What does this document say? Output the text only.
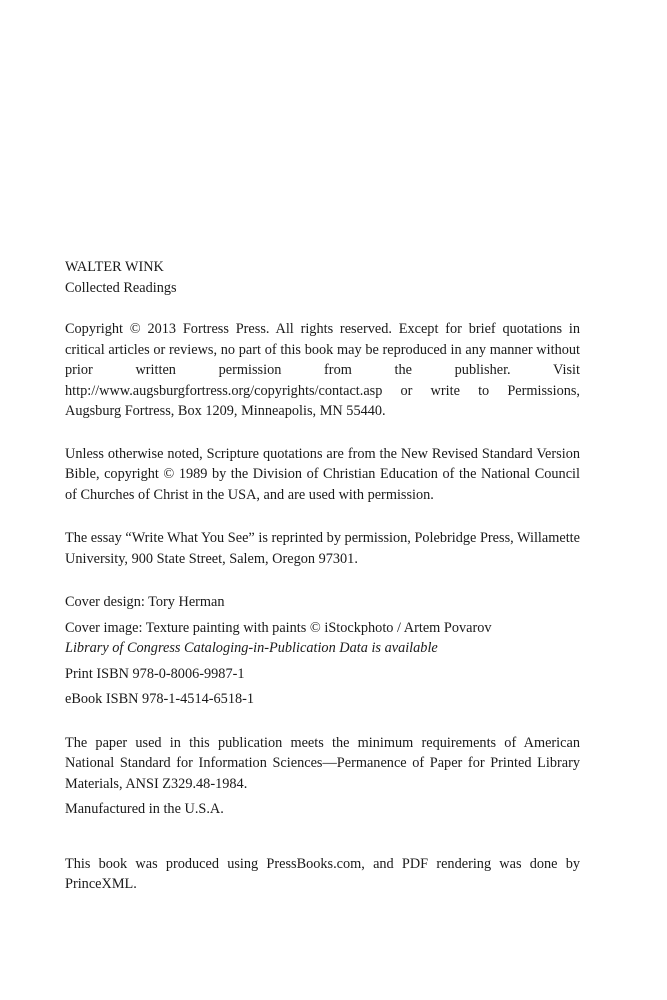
WALTER WINK

Collected Readings

Copyright © 2013 Fortress Press. All rights reserved. Except for brief quotations in critical articles or reviews, no part of this book may be reproduced in any manner without prior written permission from the publisher. Visit http://www.augsburgfortress.org/copyrights/contact.asp or write to Permissions, Augsburg Fortress, Box 1209, Minneapolis, MN 55440.

Unless otherwise noted, Scripture quotations are from the New Revised Standard Version Bible, copyright © 1989 by the Division of Christian Education of the National Council of Churches of Christ in the USA, and are used with permission.

The essay “Write What You See” is reprinted by permission, Polebridge Press, Willamette University, 900 State Street, Salem, Oregon 97301.

Cover design: Tory Herman

Cover image: Texture painting with paints © iStockphoto / Artem Povarov

Library of Congress Cataloging-in-Publication Data is available

Print ISBN 978-0-8006-9987-1

eBook ISBN 978-1-4514-6518-1

The paper used in this publication meets the minimum requirements of American National Standard for Information Sciences—Permanence of Paper for Printed Library Materials, ANSI Z329.48-1984.

Manufactured in the U.S.A.

This book was produced using PressBooks.com, and PDF rendering was done by PrinceXML.
